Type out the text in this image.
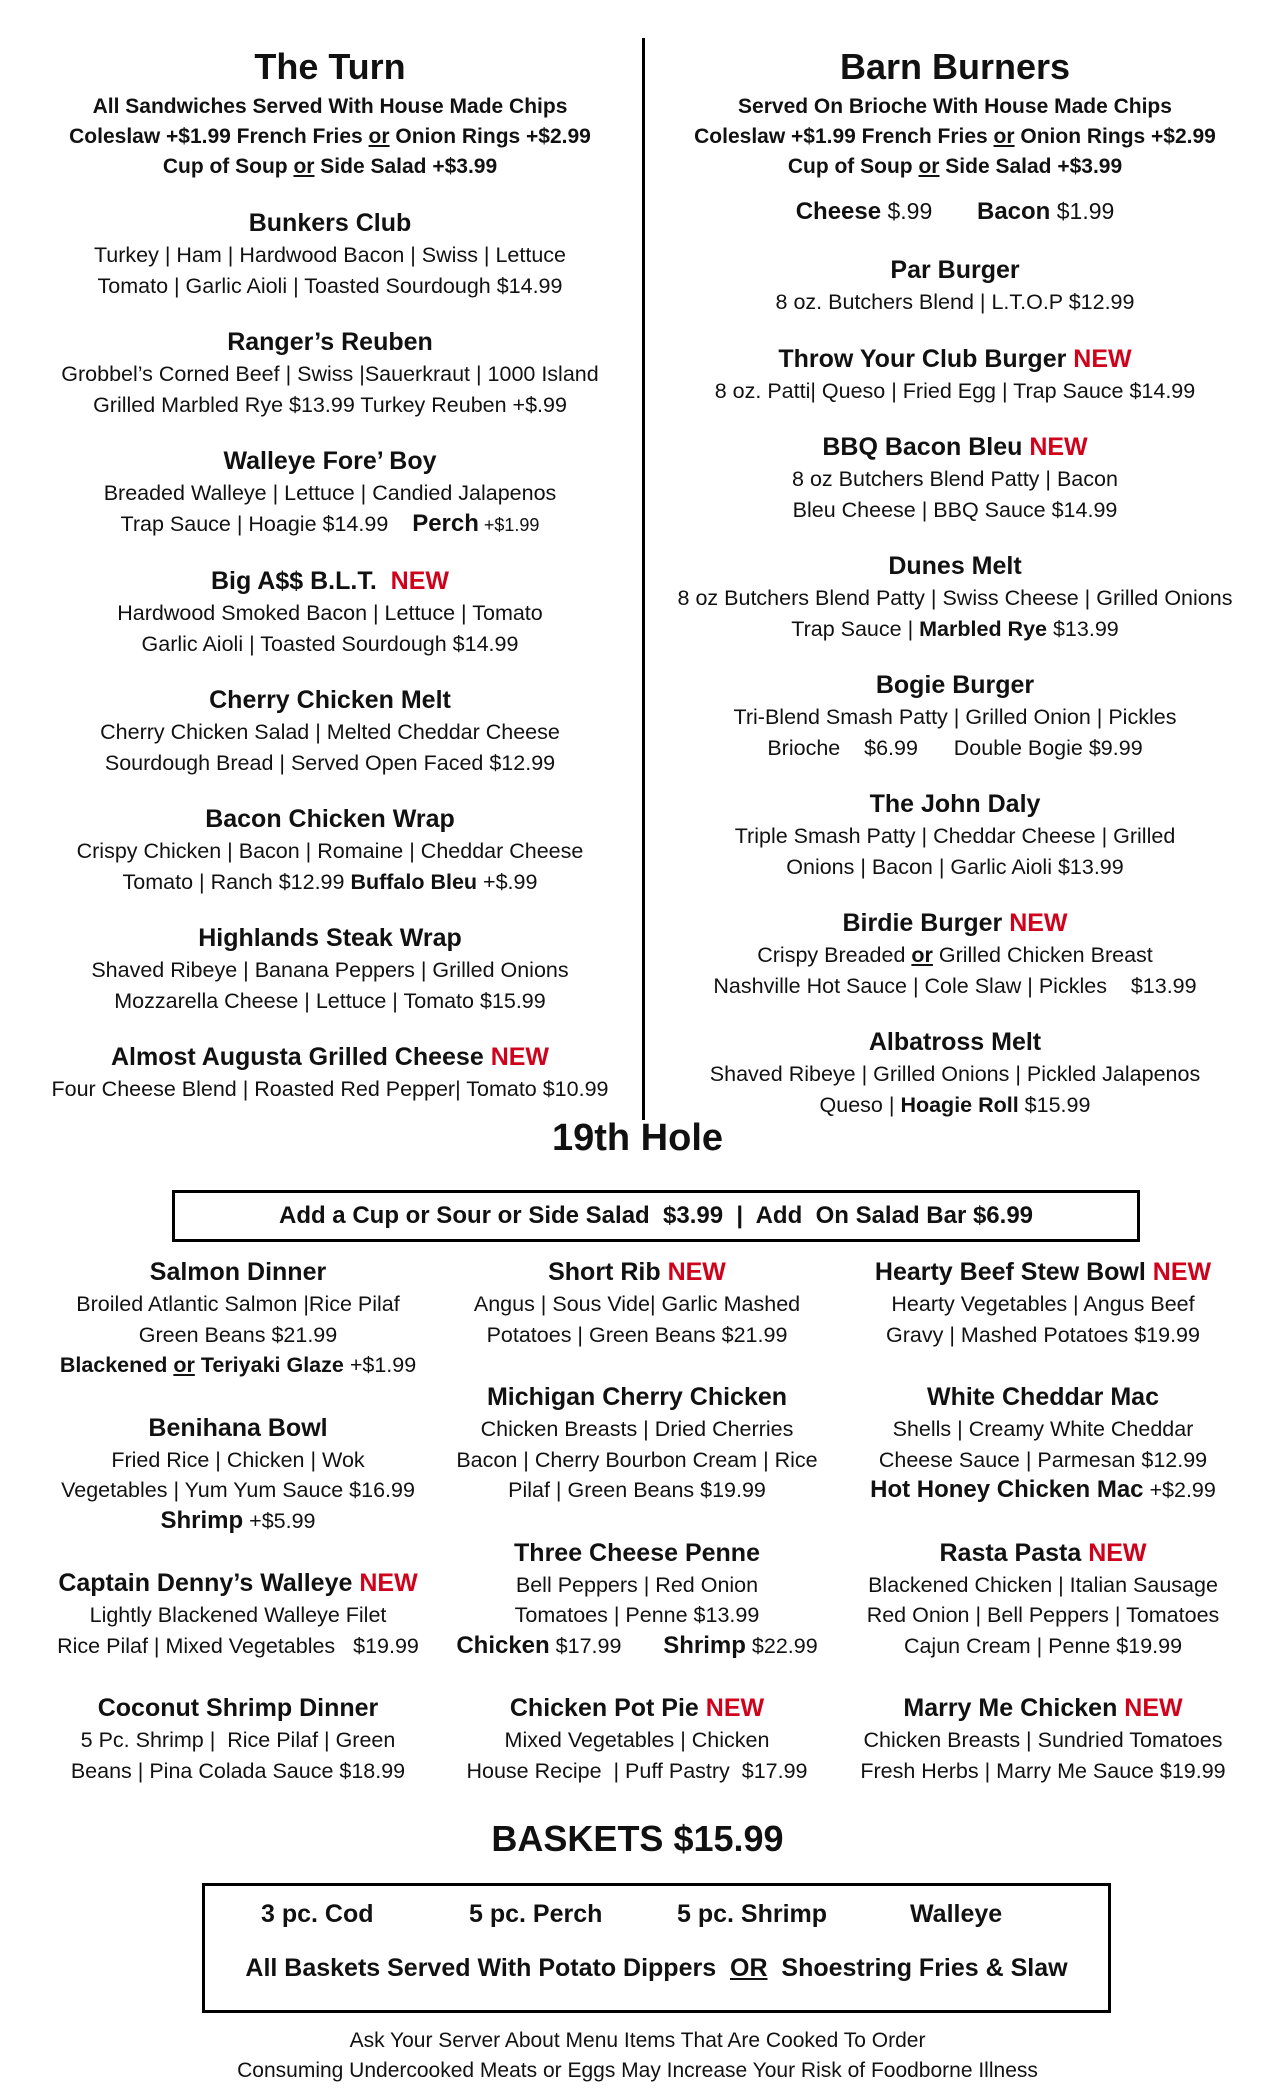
The Turn
All Sandwiches Served With House Made Chips
Coleslaw +$1.99 French Fries or Onion Rings +$2.99
Cup of Soup or Side Salad +$3.99
Bunkers Club
Turkey | Ham | Hardwood Bacon | Swiss | Lettuce
Tomato | Garlic Aioli | Toasted Sourdough $14.99
Ranger’s Reuben
Grobbel’s Corned Beef | Swiss |Sauerkraut | 1000 Island
Grilled Marbled Rye $13.99 Turkey Reuben +$.99
Walleye Fore’ Boy
Breaded Walleye | Lettuce | Candied Jalapenos
Trap Sauce | Hoagie $14.99 Perch +$1.99
Big A$$ B.L.T. NEW
Hardwood Smoked Bacon | Lettuce | Tomato
Garlic Aioli | Toasted Sourdough $14.99
Cherry Chicken Melt
Cherry Chicken Salad | Melted Cheddar Cheese
Sourdough Bread | Served Open Faced $12.99
Bacon Chicken Wrap
Crispy Chicken | Bacon | Romaine | Cheddar Cheese
Tomato | Ranch $12.99 Buffalo Bleu +$.99
Highlands Steak Wrap
Shaved Ribeye | Banana Peppers | Grilled Onions
Mozzarella Cheese | Lettuce | Tomato $15.99
Almost Augusta Grilled Cheese NEW
Four Cheese Blend | Roasted Red Pepper| Tomato $10.99
Barn Burners
Served On Brioche With House Made Chips
Coleslaw +$1.99 French Fries or Onion Rings +$2.99
Cup of Soup or Side Salad +$3.99
Cheese $.99 Bacon $1.99
Par Burger
8 oz. Butchers Blend | L.T.O.P $12.99
Throw Your Club Burger NEW
8 oz. Patti| Queso | Fried Egg | Trap Sauce $14.99
BBQ Bacon Bleu NEW
8 oz Butchers Blend Patty | Bacon
Bleu Cheese | BBQ Sauce $14.99
Dunes Melt
8 oz Butchers Blend Patty | Swiss Cheese | Grilled Onions
Trap Sauce | Marbled Rye $13.99
Bogie Burger
Tri-Blend Smash Patty | Grilled Onion | Pickles
Brioche    $6.99      Double Bogie $9.99
The John Daly
Triple Smash Patty | Cheddar Cheese | Grilled
Onions | Bacon | Garlic Aioli $13.99
Birdie Burger NEW
Crispy Breaded or Grilled Chicken Breast
Nashville Hot Sauce | Cole Slaw | Pickles    $13.99
Albatross Melt
Shaved Ribeye | Grilled Onions | Pickled Jalapenos
Queso | Hoagie Roll $15.99
19th Hole
Add a Cup or Sour or Side Salad  $3.99  |  Add  On Salad Bar $6.99
Salmon Dinner
Broiled Atlantic Salmon |Rice Pilaf
Green Beans $21.99
Blackened or Teriyaki Glaze +$1.99
Benihana Bowl
Fried Rice | Chicken | Wok
Vegetables | Yum Yum Sauce $16.99
Shrimp +$5.99
Captain Denny’s Walleye NEW
Lightly Blackened Walleye Filet
Rice Pilaf | Mixed Vegetables   $19.99
Coconut Shrimp Dinner
5 Pc. Shrimp |  Rice Pilaf | Green
Beans | Pina Colada Sauce $18.99
Short Rib NEW
Angus | Sous Vide| Garlic Mashed
Potatoes | Green Beans $21.99
Michigan Cherry Chicken
Chicken Breasts | Dried Cherries
Bacon | Cherry Bourbon Cream | Rice
Pilaf | Green Beans $19.99
Three Cheese Penne
Bell Peppers | Red Onion
Tomatoes | Penne $13.99
Chicken $17.99       Shrimp $22.99
Chicken Pot Pie NEW
Mixed Vegetables | Chicken
House Recipe  | Puff Pastry  $17.99
Hearty Beef Stew Bowl NEW
Hearty Vegetables | Angus Beef
Gravy | Mashed Potatoes $19.99
White Cheddar Mac
Shells | Creamy White Cheddar
Cheese Sauce | Parmesan $12.99
Hot Honey Chicken Mac +$2.99
Rasta Pasta NEW
Blackened Chicken | Italian Sausage
Red Onion | Bell Peppers | Tomatoes
Cajun Cream | Penne $19.99
Marry Me Chicken NEW
Chicken Breasts | Sundried Tomatoes
Fresh Herbs | Marry Me Sauce $19.99
BASKETS $15.99
3 pc. Cod	5 pc. Perch	5 pc. Shrimp	Walleye
All Baskets Served With Potato Dippers  OR  Shoestring Fries & Slaw
Ask Your Server About Menu Items That Are Cooked To Order
Consuming Undercooked Meats or Eggs May Increase Your Risk of Foodborne Illness
